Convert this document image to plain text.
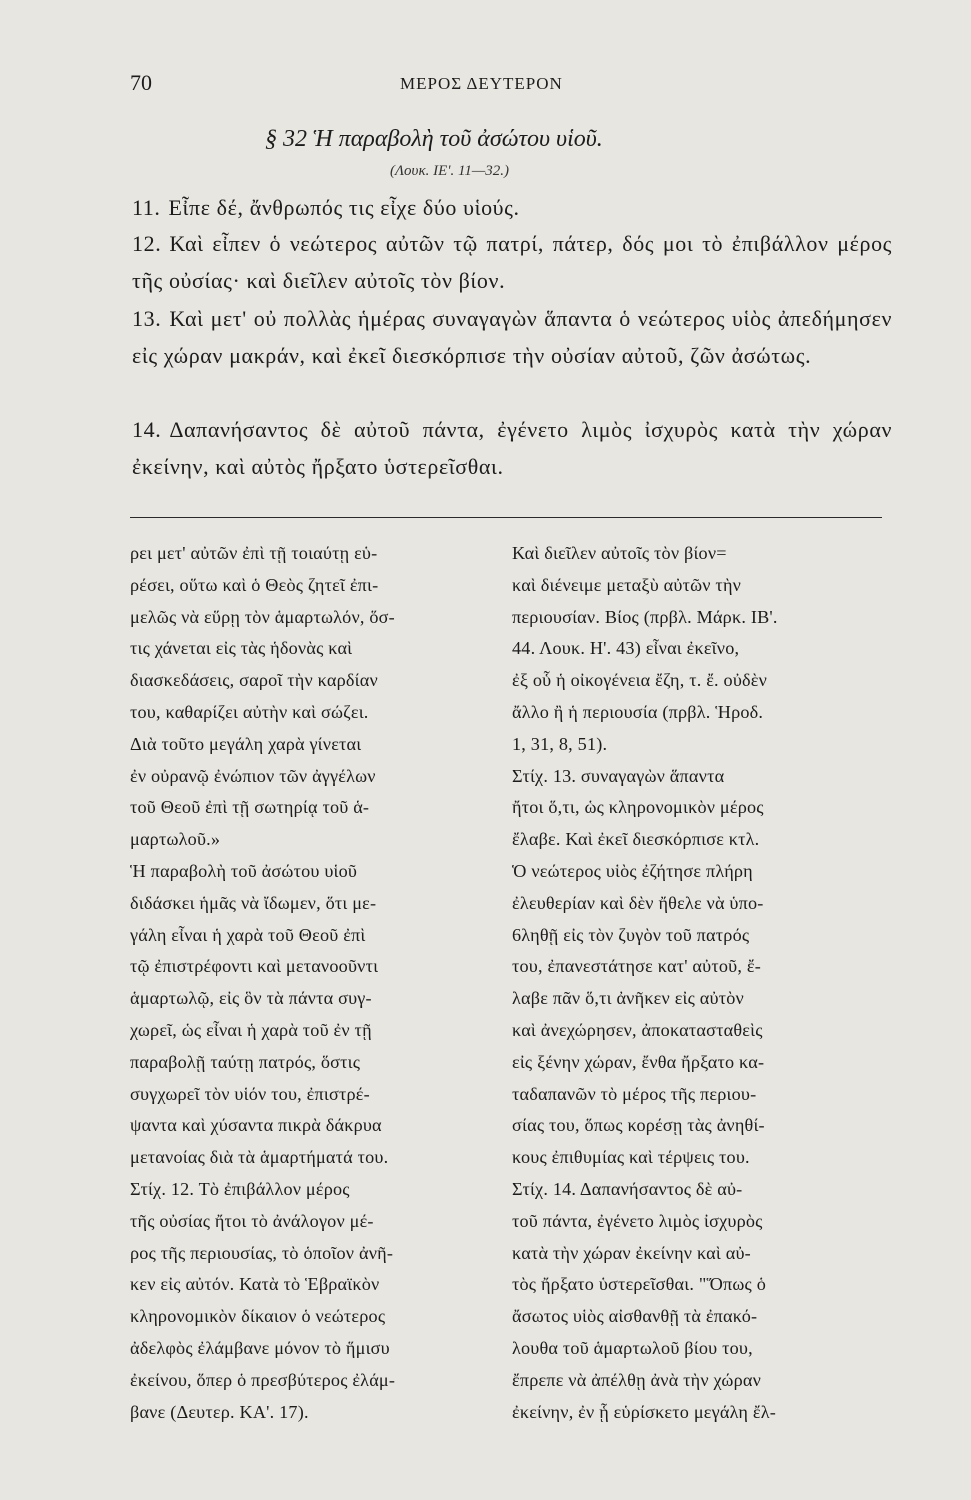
70	ΜΕΡΟΣ ΔΕΥΤΕΡΟΝ
§ 32 Ἡ παραβολὴ τοῦ ἀσώτου υἱοῦ.
(Λουκ. ΙΕ'. 11—32.)
11. Εἶπε δέ, ἄνθρωπός τις εἶχε δύο υἱούς.
12. Καὶ εἶπεν ὁ νεώτερος αὐτῶν τῷ πατρί, πάτερ, δός μοι τὸ ἐπιβάλλον μέρος τῆς οὐσίας· καὶ διεῖλεν αὐτοῖς τὸν βίον.
13. Καὶ μετ' οὐ πολλὰς ἡμέρας συναγαγὼν ἅπαντα ὁ νεώτερος υἱὸς ἀπεδήμησεν εἰς χώραν μακράν, καὶ ἐκεῖ διεσκόρπισε τὴν οὐσίαν αὐτοῦ, ζῶν ἀσώτως.
14. Δαπανήσαντος δὲ αὐτοῦ πάντα, ἐγένετο λιμὸς ἰσχυρὸς κατὰ τὴν χώραν ἐκείνην, καὶ αὐτὸς ἤρξατο ὑστερεῖσθαι.
ρει μετ' αὐτῶν ἐπὶ τῇ τοιαύτῃ εὑ-
ρέσει, οὕτω καὶ ὁ Θεὸς ζητεῖ ἐπι-
μελῶς νὰ εὕρῃ τὸν ἁμαρτωλόν, ὅσ-
τις χάνεται εἰς τὰς ἡδονὰς καὶ
διασκεδάσεις, σαροῖ τὴν καρδίαν
του, καθαρίζει αὐτὴν καὶ σώζει.
Διὰ τοῦτο μεγάλη χαρὰ γίνεται
ἐν οὐρανῷ ἐνώπιον τῶν ἀγγέλων
τοῦ Θεοῦ ἐπὶ τῇ σωτηρίᾳ τοῦ ἁ-
μαρτωλοῦ.»
Ἡ παραβολὴ τοῦ ἀσώτου υἱοῦ
διδάσκει ἡμᾶς νὰ ἴδωμεν, ὅτι με-
γάλη εἶναι ἡ χαρὰ τοῦ Θεοῦ ἐπὶ
τῷ ἐπιστρέφοντι καὶ μετανοοῦντι
ἁμαρτωλῷ, εἰς ὃν τὰ πάντα συγ-
χωρεῖ, ὡς εἶναι ἡ χαρὰ τοῦ ἐν τῇ
παραβολῇ ταύτῃ πατρός, ὅστις
συγχωρεῖ τὸν υἱόν του, ἐπιστρέ-
ψαντα καὶ χύσαντα πικρὰ δάκρυα
μετανοίας διὰ τὰ ἁμαρτήματά του.
Στίχ. 12. Τὸ ἐπιβάλλον μέρος
τῆς οὐσίας ἤτοι τὸ ἀνάλογον μέ-
ρος τῆς περιουσίας, τὸ ὁποῖον ἀνῆ-
κεν εἰς αὐτόν. Κατὰ τὸ Ἑβραϊκὸν
κληρονομικὸν δίκαιον ὁ νεώτερος
ἀδελφὸς ἐλάμβανε μόνον τὸ ἥμισυ
ἐκείνου, ὅπερ ὁ πρεσβύτερος ἐλάμ-
βανε (Δευτερ. ΚΑ'. 17).
Καὶ διεῖλεν αὐτοῖς τὸν βίον=
καὶ διένειμε μεταξὺ αὐτῶν τὴν
περιουσίαν. Βίος (πρβλ. Μάρκ. ΙΒ'.
44. Λουκ. Η'. 43) εἶναι ἐκεῖνο,
ἐξ οὗ ἡ οἰκογένεια ἔζη, τ. ἔ. οὐδὲν
ἄλλο ἢ ἡ περιουσία (πρβλ. Ἡροδ.
1, 31, 8, 51).
Στίχ. 13. συναγαγὼν ἅπαντα
ἤτοι ὅ,τι, ὡς κληρονομικὸν μέρος
ἔλαβε. Καὶ ἐκεῖ διεσκόρπισε κτλ.
Ὁ νεώτερος υἱὸς ἐζήτησε πλήρη
ἐλευθερίαν καὶ δὲν ἤθελε νὰ ὑπο-
6ληθῇ εἰς τὸν ζυγὸν τοῦ πατρός
του, ἐπανεστάτησε κατ' αὐτοῦ, ἔ-
λαβε πᾶν ὅ,τι ἀνῆκεν εἰς αὐτὸν
καὶ ἀνεχώρησεν, ἀποκατασταθεὶς
εἰς ξένην χώραν, ἔνθα ἤρξατο κα-
ταδαπανῶν τὸ μέρος τῆς περιου-
σίας του, ὅπως κορέσῃ τὰς ἀνηθί-
κους ἐπιθυμίας καὶ τέρψεις του.
Στίχ. 14. Δαπανήσαντος δὲ αὐ-
τοῦ πάντα, ἐγένετο λιμὸς ἰσχυρὸς
κατὰ τὴν χώραν ἐκείνην καὶ αὐ-
τὸς ἤρξατο ὑστερεῖσθαι. "Ὅπως ὁ
ἄσωτος υἱὸς αἰσθανθῇ τὰ ἐπακό-
λουθα τοῦ ἁμαρτωλοῦ βίου του,
ἔπρεπε νὰ ἀπέλθῃ ἀνὰ τὴν χώραν
ἐκείνην, ἐν ᾗ εὑρίσκετο μεγάλη ἔλ-
